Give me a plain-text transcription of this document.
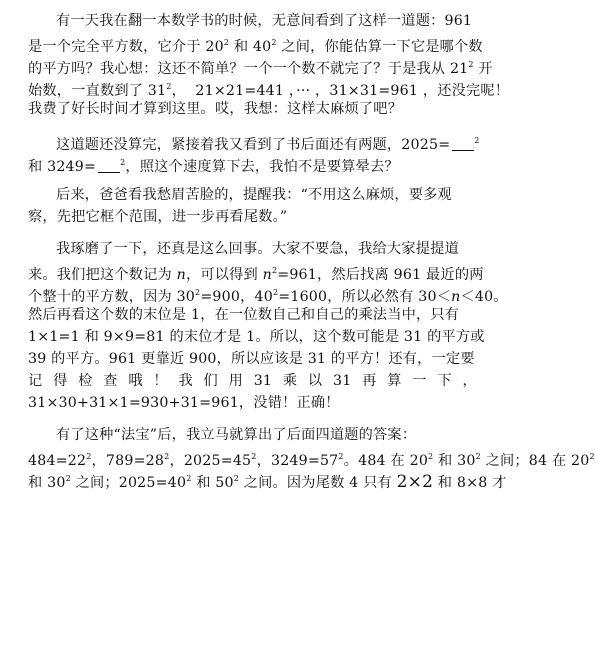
有一天我在翻一本数学书的时候，无意间看到了这样一道题：961
是一个完全平方数，它介于 $20^2$ 和 $40^2$ 之间，你能估算一下它是哪个数
的平方吗？我心想：这还不简单？一个一个数不就完了？于是我从 $21^2$ 开
始数，一直数到了 $31^2$，  21×21=441 ，··· ，31×31=961 ，还没完呢！
我费了好长时间才算到这里。哎，我想：这样太麻烦了吧？
这道题还没算完，紧接着我又看到了书后面还有两题，2025=	$^2$
和 3249=	$^2$，照这个速度算下去，我怕不是要算晕去？
后来，爸爸看我愁眉苦脸的，提醒我：“不用这么麻烦，要多观
察，先把它框个范围，进一步再看尾数。”
我琢磨了一下，还真是这么回事。大家不要急，我给大家提提道
来。我们把这个数记为 n，可以得到 $n^2=961$，然后找离 961 最近的两
个整十的平方数，因为 $30^2=900$，$40^2=1600$，所以必然有 30＜n＜40。
然后再看这个数的末位是 1，在一位数自己和自己的乘法当中，只有
1×1=1 和 9×9=81 的末位才是 1。所以，这个数可能是 31 的平方或
39 的平方。961 更靠近 900，所以应该是 31 的平方！还有，一定要
记 得 检 查 哦 ！ 我 们 用 31 乘 以 31 再 算 一 下 ，
31×30+31×1=930+31=961，没错！正确！
有了这种“法宝”后，我立马就算出了后面四道题的答案：
$484=22^2$，$789=28^2$，$2025=45^2$，$3249=57^2$。484 在 $20^2$ 和 $30^2$ 之间；84 在 $20^2$
和 $30^2$ 之间；$2025=40^2$ 和 $50^2$ 之间。因为尾数 4 只有 2×2 和 8×8 才
